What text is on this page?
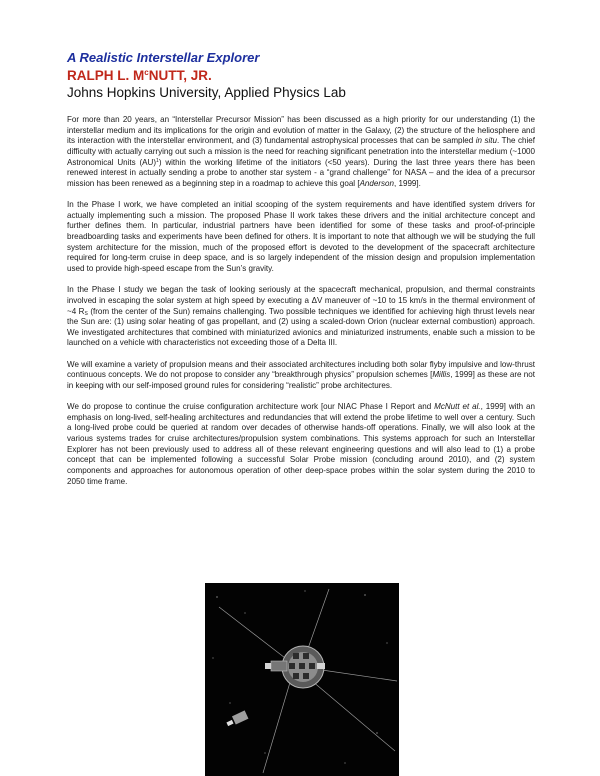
A Realistic Interstellar Explorer

RALPH L. $M^cNUTT$, JR.

Johns Hopkins University, Applied Physics Lab

For more than 20 years, an “Interstellar Precursor Mission” has been discussed as a high priority for our understanding (1) the interstellar medium and its implications for the origin and evolution of matter in the Galaxy, (2) the structure of the heliosphere and its interaction with the interstellar environment, and (3) fundamental astrophysical processes that can be sampled in situ. The chief difficulty with actually carrying out such a mission is the need for reaching significant penetration into the interstellar medium (~1000 Astronomical Units (AU)$^1$) within the working lifetime of the initiators (<50 years). During the last three years there has been renewed interest in actually sending a probe to another star system - a “grand challenge” for NASA – and the idea of a precursor mission has been renewed as a beginning step in a roadmap to achieve this goal [Anderson, 1999].

In the Phase I work, we have completed an initial scooping of the system requirements and have identified system drivers for actually implementing such a mission. The proposed Phase II work takes these drivers and the initial architecture concept and further defines them. In particular, industrial partners have been identified for some of these tasks and proof-of-principle breadboarding tasks and experiments have been defined for others. It is important to note that although we will be studying the full system architecture for the mission, much of the proposed effort is devoted to the development of the spacecraft architecture required for long-term cruise in deep space, and is so largely independent of the mission design and propulsion implementation used to provide high-speed escape from the Sun’s gravity.

In the Phase I study we began the task of looking seriously at the spacecraft mechanical, propulsion, and thermal constraints involved in escaping the solar system at high speed by executing a ΔV maneuver of ~10 to 15 km/s in the thermal environment of ~4 $R_S$ (from the center of the Sun) remains challenging. Two possible techniques we identified for achieving high thrust levels near the Sun are: (1) using solar heating of gas propellant, and (2) using a scaled-down Orion (nuclear external combustion) approach. We investigated architectures that combined with miniaturized avionics and miniaturized instruments, enable such a mission to be launched on a vehicle with characteristics not exceeding those of a Delta III.

We will examine a variety of propulsion means and their associated architectures including both solar flyby impulsive and low-thrust continuous concepts. We do not propose to consider any “breakthrough physics” propulsion schemes [Millis, 1999] as these are not in keeping with our self-imposed ground rules for considering “realistic” probe architectures.

We do propose to continue the cruise configuration architecture work [our NIAC Phase I Report and McNutt et al., 1999] with an emphasis on long-lived, self-healing architectures and redundancies that will extend the probe lifetime to well over a century. Such a long-lived probe could be queried at random over decades of otherwise hands-off operations. Finally, we will also look at the various systems trades for cruise architectures/propulsion system combinations. This systems approach for such an Interstellar Explorer has not been previously used to address all of these relevant engineering questions and will also lead to (1) a probe concept that can be implemented following a successful Solar Probe mission (concluding around 2010), and (2) system components and approaches for autonomous operation of other deep-space probes within the solar system during the 2010 to 2050 time frame.
